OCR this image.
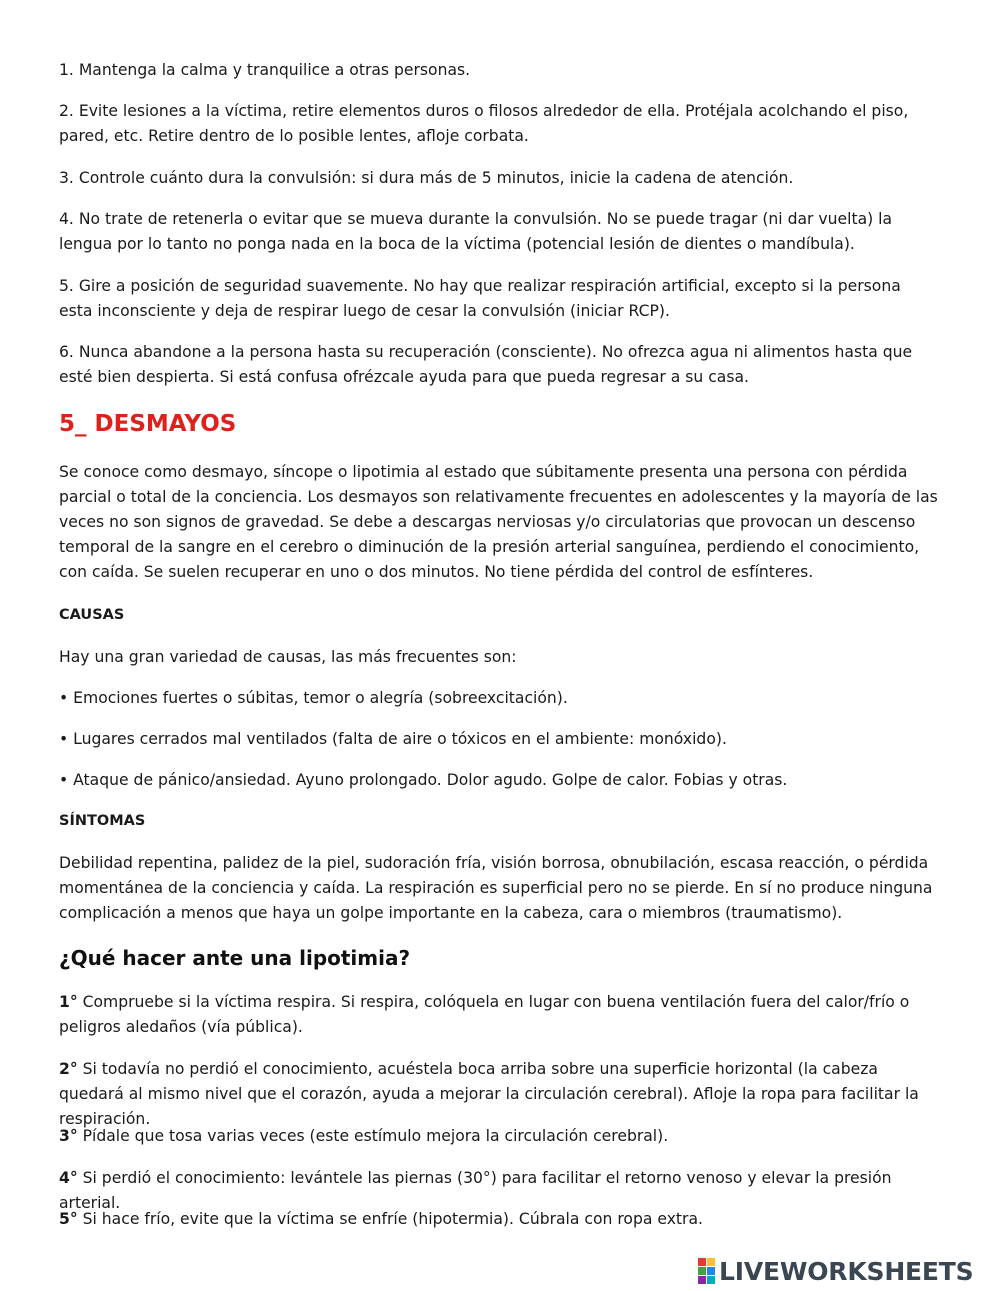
1. Mantenga la calma y tranquilice a otras personas.

2. Evite lesiones a la víctima, retire elementos duros o filosos alrededor de ella. Protéjala acolchando el piso, pared, etc. Retire dentro de lo posible lentes, afloje corbata.

3. Controle cuánto dura la convulsión: si dura más de 5 minutos, inicie la cadena de atención.

4. No trate de retenerla o evitar que se mueva durante la convulsión. No se puede tragar (ni dar vuelta) la lengua por lo tanto no ponga nada en la boca de la víctima (potencial lesión de dientes o mandíbula).

5. Gire a posición de seguridad suavemente. No hay que realizar respiración artificial, excepto si la persona esta inconsciente y deja de respirar luego de cesar la convulsión (iniciar RCP).

6. Nunca abandone a la persona hasta su recuperación (consciente). No ofrezca agua ni alimentos hasta que esté bien despierta. Si está confusa ofrézcale ayuda para que pueda regresar a su casa.

5_ DESMAYOS

Se conoce como desmayo, síncope o lipotimia al estado que súbitamente presenta una persona con pérdida parcial o total de la conciencia. Los desmayos son relativamente frecuentes en adolescentes y la mayoría de las veces no son signos de gravedad. Se debe a descargas nerviosas y/o circulatorias que provocan un descenso temporal de la sangre en el cerebro o diminución de la presión arterial sanguínea, perdiendo el conocimiento, con caída. Se suelen recuperar en uno o dos minutos. No tiene pérdida del control de esfínteres.

CAUSAS

Hay una gran variedad de causas, las más frecuentes son:

• Emociones fuertes o súbitas, temor o alegría (sobreexcitación).

• Lugares cerrados mal ventilados (falta de aire o tóxicos en el ambiente: monóxido).

• Ataque de pánico/ansiedad. Ayuno prolongado. Dolor agudo. Golpe de calor. Fobias y otras.

SÍNTOMAS

Debilidad repentina, palidez de la piel, sudoración fría, visión borrosa, obnubilación, escasa reacción, o pérdida momentánea de la conciencia y caída. La respiración es superficial pero no se pierde. En sí no produce ninguna complicación a menos que haya un golpe importante en la cabeza, cara o miembros (traumatismo).

¿Qué hacer ante una lipotimia?

1° Compruebe si la víctima respira. Si respira, colóquela en lugar con buena ventilación fuera del calor/frío o peligros aledaños (vía pública).

2° Si todavía no perdió el conocimiento, acuéstela boca arriba sobre una superficie horizontal (la cabeza quedará al mismo nivel que el corazón, ayuda a mejorar la circulación cerebral). Afloje la ropa para facilitar la respiración.

3° Pídale que tosa varias veces (este estímulo mejora la circulación cerebral).

4° Si perdió el conocimiento: levántele las piernas (30°) para facilitar el retorno venoso y elevar la presión arterial.

5° Si hace frío, evite que la víctima se enfríe (hipotermia). Cúbrala con ropa extra.

LIVEWORKSHEETS
